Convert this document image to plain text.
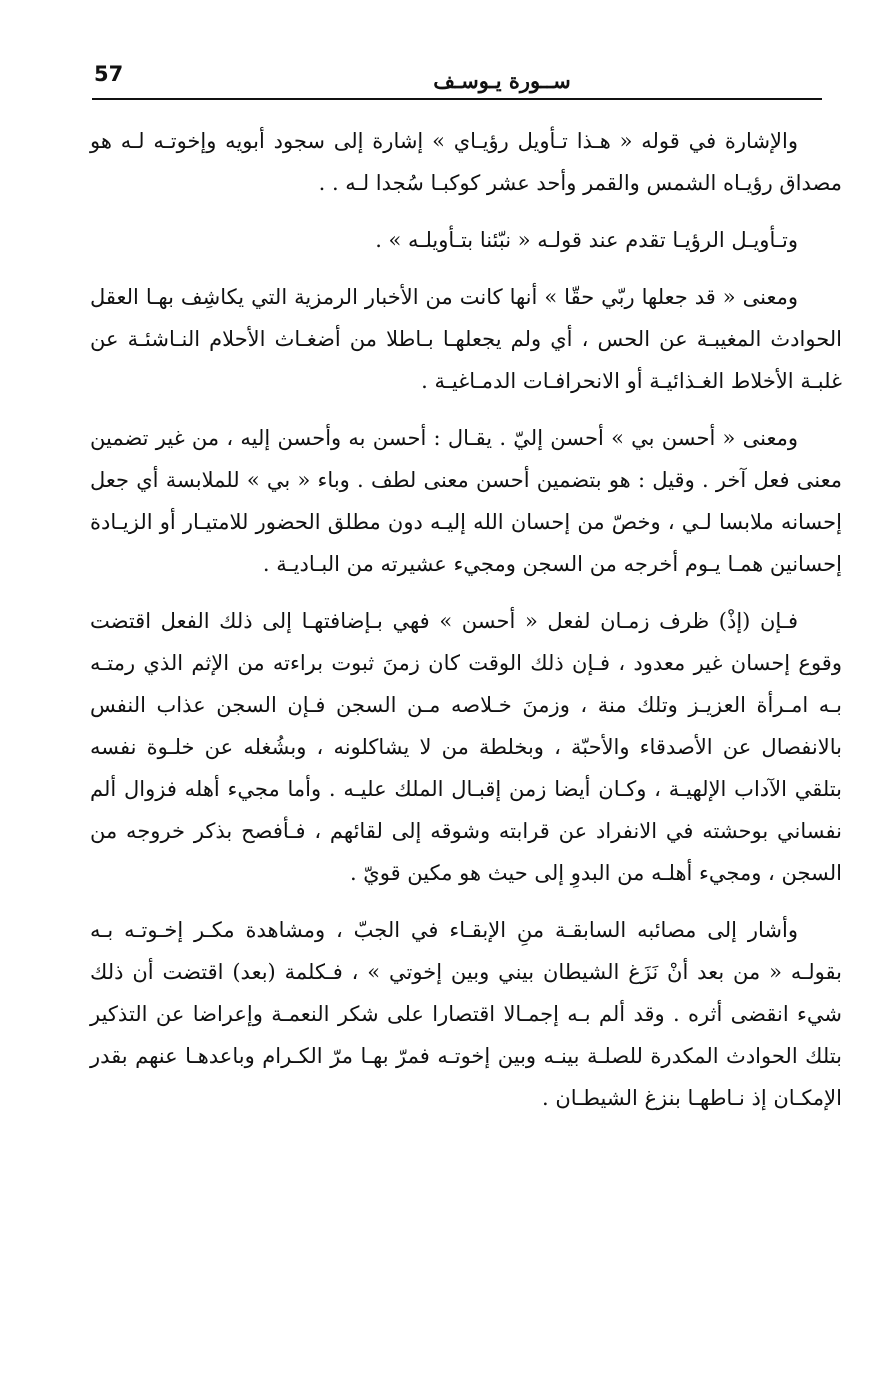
57	ســورة يـوسـف

والإشارة في قوله « هـذا تـأويل رؤيـاي » إشارة إلى سجود أبويه وإخوتـه لـه هو مصداق رؤيـاه الشمس والقمر وأحد عشر كوكبـا سُجدا لـه . .

وتـأويـل الرؤيـا تقدم عند قولـه « نبّئنا بتـأويلـه » .

ومعنى « قد جعلها ربّي حقّا » أنها كانت من الأخبار الرمزية التي يكاشِف بهـا العقل الحوادث المغيبـة عن الحس ، أي ولم يجعلهـا بـاطلا من أضغـاث الأحلام النـاشئـة عن غلبـة الأخلاط الغـذائيـة أو الانحرافـات الدمـاغيـة .

ومعنى « أحسن بي » أحسن إليّ . يقـال : أحسن به وأحسن إليه ، من غير تضمين معنى فعل آخر . وقيل : هو بتضمين أحسن معنى لطف . وباء « بي » للملابسة أي جعل إحسانه ملابسا لـي ، وخصّ من إحسان الله إليـه دون مطلق الحضور للامتيـار أو الزيـادة إحسانين همـا يـوم أخرجه من السجن ومجيء عشيرته من البـاديـة .

فـإن (إذْ) ظرف زمـان لفعل « أحسن » فهي بـإضافتهـا إلى ذلك الفعل اقتضت وقوع إحسان غير معدود ، فـإن ذلك الوقت كان زمنَ ثبوت براءته من الإثم الذي رمتـه بـه امـرأة العزيـز وتلك منة ، وزمنَ خـلاصه مـن السجن فـإن السجن عذاب النفس بالانفصال عن الأصدقاء والأحبّة ، وبخلطة من لا يشاكلونه ، وبشُغله عن خلـوة نفسه بتلقي الآداب الإلهيـة ، وكـان أيضا زمن إقبـال الملك عليـه . وأما مجيء أهله فزوال ألم نفساني بوحشته في الانفراد عن قرابته وشوقه إلى لقائهم ، فـأفصح بذكر خروجه من السجن ، ومجيء أهلـه من البدوِ إلى حيث هو مكين قويّ .

وأشار إلى مصائبه السابقـة منِ الإبقـاء في الجبّ ، ومشاهدة مكـر إخـوتـه بـه بقولـه « من بعد أنْ نَزَغ الشيطان بيني وبين إخوتي » ، فـكلمة (بعد) اقتضت أن ذلك شيء انقضى أثره . وقد ألم بـه إجمـالا اقتصارا على شكر النعمـة وإعراضا عن التذكير بتلك الحوادث المكدرة للصلـة بينـه وبين إخوتـه فمرّ بهـا مرّ الكـرام وباعدهـا عنهم بقدر الإمكـان إذ نـاطهـا بنزغ الشيطـان .
